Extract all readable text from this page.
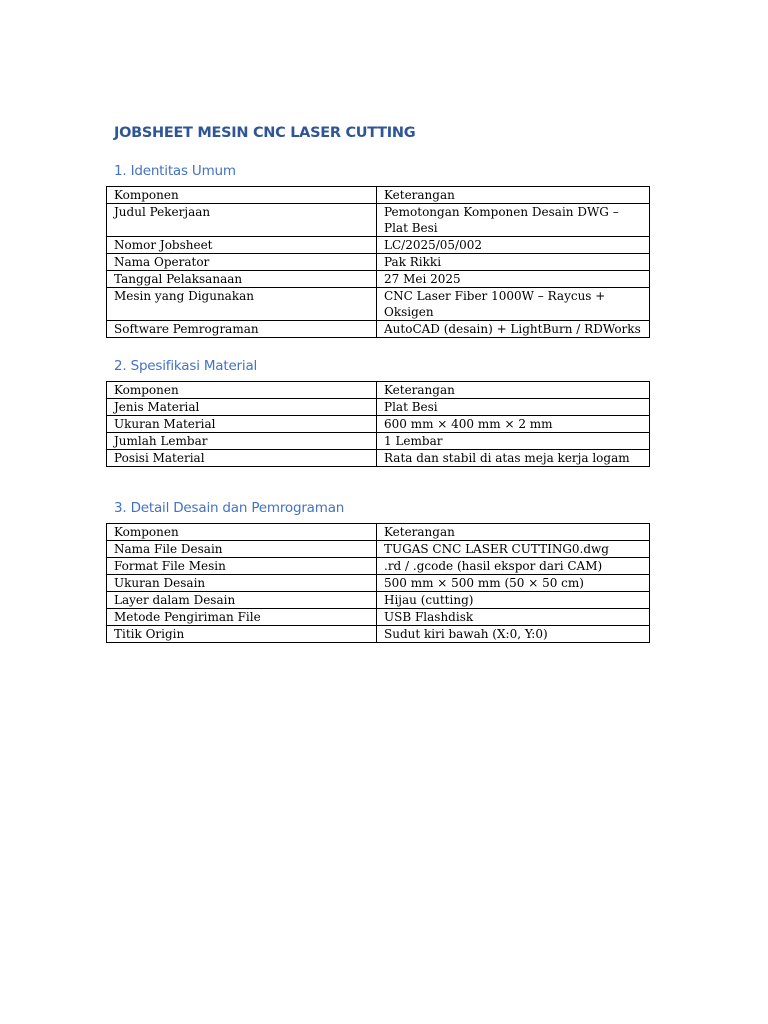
JOBSHEET MESIN CNC LASER CUTTING
1. Identitas Umum
Komponen	Keterangan
Judul Pekerjaan	Pemotongan Komponen Desain DWG – Plat Besi
Nomor Jobsheet	LC/2025/05/002
Nama Operator	Pak Rikki
Tanggal Pelaksanaan	27 Mei 2025
Mesin yang Digunakan	CNC Laser Fiber 1000W – Raycus + Oksigen
Software Pemrograman	AutoCAD (desain) + LightBurn / RDWorks
2. Spesifikasi Material
Komponen	Keterangan
Jenis Material	Plat Besi
Ukuran Material	600 mm × 400 mm × 2 mm
Jumlah Lembar	1 Lembar
Posisi Material	Rata dan stabil di atas meja kerja logam
3. Detail Desain dan Pemrograman
Komponen	Keterangan
Nama File Desain	TUGAS CNC LASER CUTTING0.dwg
Format File Mesin	.rd / .gcode (hasil ekspor dari CAM)
Ukuran Desain	500 mm × 500 mm (50 × 50 cm)
Layer dalam Desain	Hijau (cutting)
Metode Pengiriman File	USB Flashdisk
Titik Origin	Sudut kiri bawah (X:0, Y:0)
